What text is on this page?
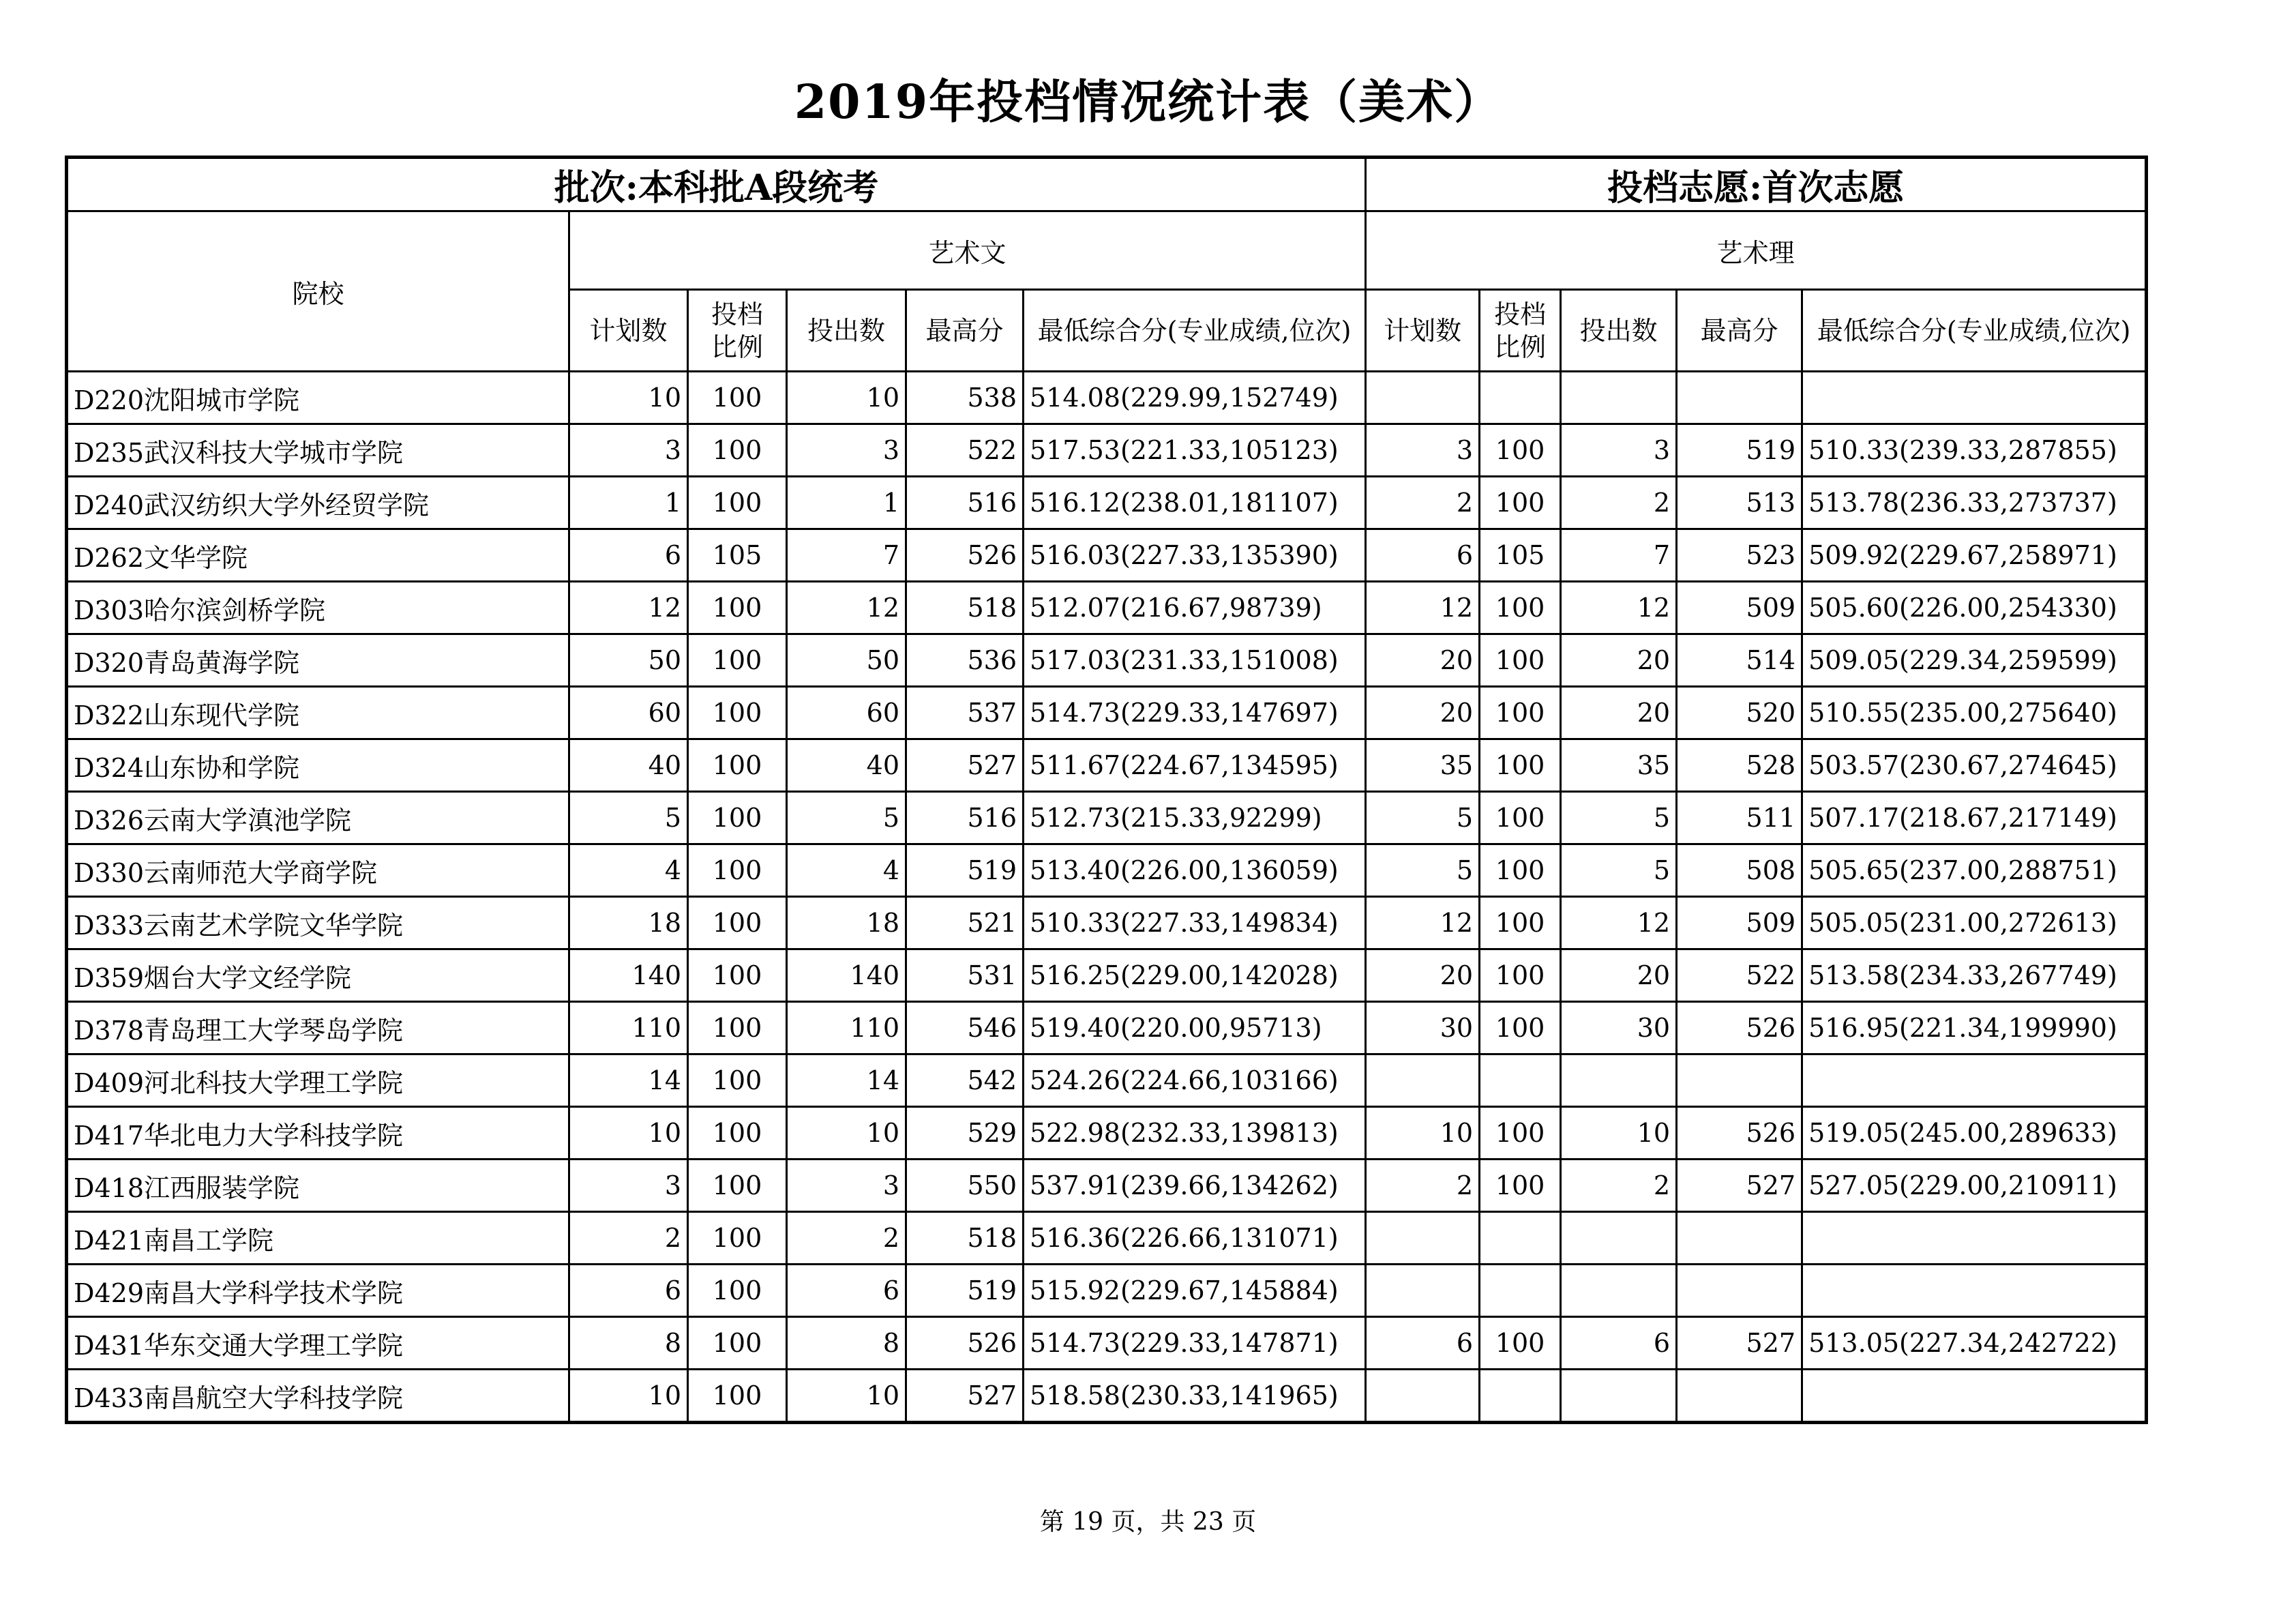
2019年投档情况统计表（美术）
批次:本科批A段统考						投档志愿:首次志愿				
院校	艺术文					艺术理				
	计划数	投档比例	投出数	最高分	最低综合分(专业成绩,位次)	计划数	投档比例	投出数	最高分	最低综合分(专业成绩,位次)

D220沈阳城市学院	10	100	10	538	514.08(229.99,152749)					
D235武汉科技大学城市学院	3	100	3	522	517.53(221.33,105123)	3	100	3	519	510.33(239.33,287855)
D240武汉纺织大学外经贸学院	1	100	1	516	516.12(238.01,181107)	2	100	2	513	513.78(236.33,273737)
D262文华学院	6	105	7	526	516.03(227.33,135390)	6	105	7	523	509.92(229.67,258971)
D303哈尔滨剑桥学院	12	100	12	518	512.07(216.67,98739)	12	100	12	509	505.60(226.00,254330)
D320青岛黄海学院	50	100	50	536	517.03(231.33,151008)	20	100	20	514	509.05(229.34,259599)
D322山东现代学院	60	100	60	537	514.73(229.33,147697)	20	100	20	520	510.55(235.00,275640)
D324山东协和学院	40	100	40	527	511.67(224.67,134595)	35	100	35	528	503.57(230.67,274645)
D326云南大学滇池学院	5	100	5	516	512.73(215.33,92299)	5	100	5	511	507.17(218.67,217149)
D330云南师范大学商学院	4	100	4	519	513.40(226.00,136059)	5	100	5	508	505.65(237.00,288751)
D333云南艺术学院文华学院	18	100	18	521	510.33(227.33,149834)	12	100	12	509	505.05(231.00,272613)
D359烟台大学文经学院	140	100	140	531	516.25(229.00,142028)	20	100	20	522	513.58(234.33,267749)
D378青岛理工大学琴岛学院	110	100	110	546	519.40(220.00,95713)	30	100	30	526	516.95(221.34,199990)
D409河北科技大学理工学院	14	100	14	542	524.26(224.66,103166)					
D417华北电力大学科技学院	10	100	10	529	522.98(232.33,139813)	10	100	10	526	519.05(245.00,289633)
D418江西服装学院	3	100	3	550	537.91(239.66,134262)	2	100	2	527	527.05(229.00,210911)
D421南昌工学院	2	100	2	518	516.36(226.66,131071)					
D429南昌大学科学技术学院	6	100	6	519	515.92(229.67,145884)					
D431华东交通大学理工学院	8	100	8	526	514.73(229.33,147871)	6	100	6	527	513.05(227.34,242722)
D433南昌航空大学科技学院	10	100	10	527	518.58(230.33,141965)					
第 19 页，共 23 页
